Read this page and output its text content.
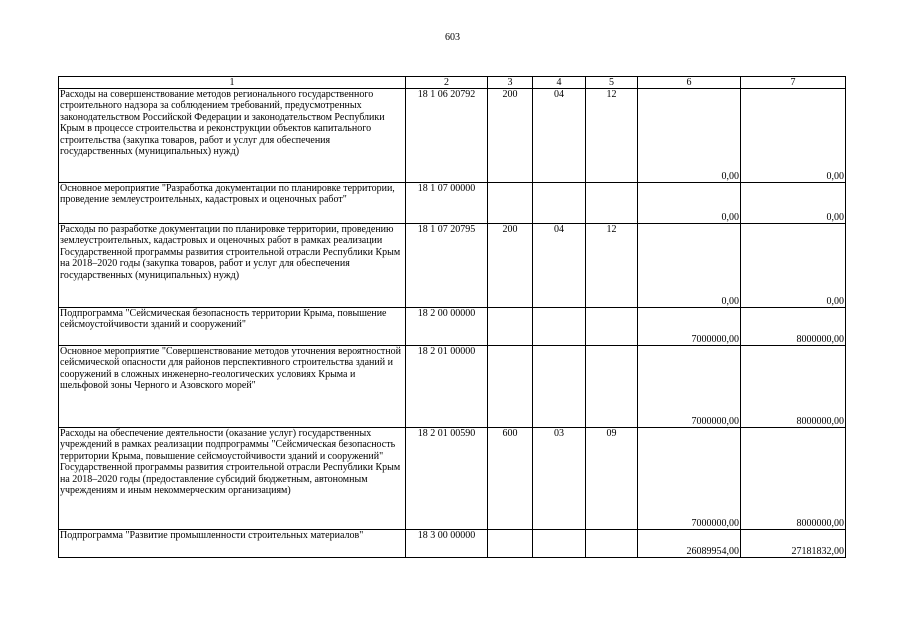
603
1	2	3	4	5	6	7
Расходы на совершенствование методов регионального государственного строительного надзора за соблюдением требований, предусмотренных законодательством Российской Федерации и законодательством Республики Крым в процессе строительства и реконструкции объектов капитального строительства (закупка товаров, работ и услуг для обеспечения государственных (муниципальных) нужд)	18 1 06 20792	200	04	12	0,00	0,00
Основное мероприятие "Разработка документации по планировке территории, проведение землеустроительных, кадастровых и оценочных работ"	18 1 07 00000				0,00	0,00
Расходы по разработке документации по планировке территории, проведению землеустроительных, кадастровых и оценочных работ в рамках реализации Государственной программы развития строительной отрасли Республики Крым на 2018–2020 годы (закупка товаров, работ и услуг для обеспечения государственных (муниципальных) нужд)	18 1 07 20795	200	04	12	0,00	0,00
Подпрограмма "Сейсмическая безопасность территории Крыма, повышение сейсмоустойчивости зданий и сооружений"	18 2 00 00000				7000000,00	8000000,00
Основное мероприятие "Совершенствование методов уточнения вероятностной сейсмической опасности для районов перспективного строительства зданий и сооружений в сложных инженерно-геологических условиях Крыма и шельфовой зоны Черного и Азовского морей"	18 2 01 00000				7000000,00	8000000,00
Расходы на обеспечение деятельности (оказание услуг) государственных учреждений в рамках реализации подпрограммы "Сейсмическая безопасность территории Крыма, повышение сейсмоустойчивости зданий и сооружений" Государственной программы развития строительной отрасли Республики Крым на 2018–2020 годы (предоставление субсидий бюджетным, автономным учреждениям и иным некоммерческим организациям)	18 2 01 00590	600	03	09	7000000,00	8000000,00
Подпрограмма "Развитие промышленности строительных материалов"	18 3 00 00000				26089954,00	27181832,00
